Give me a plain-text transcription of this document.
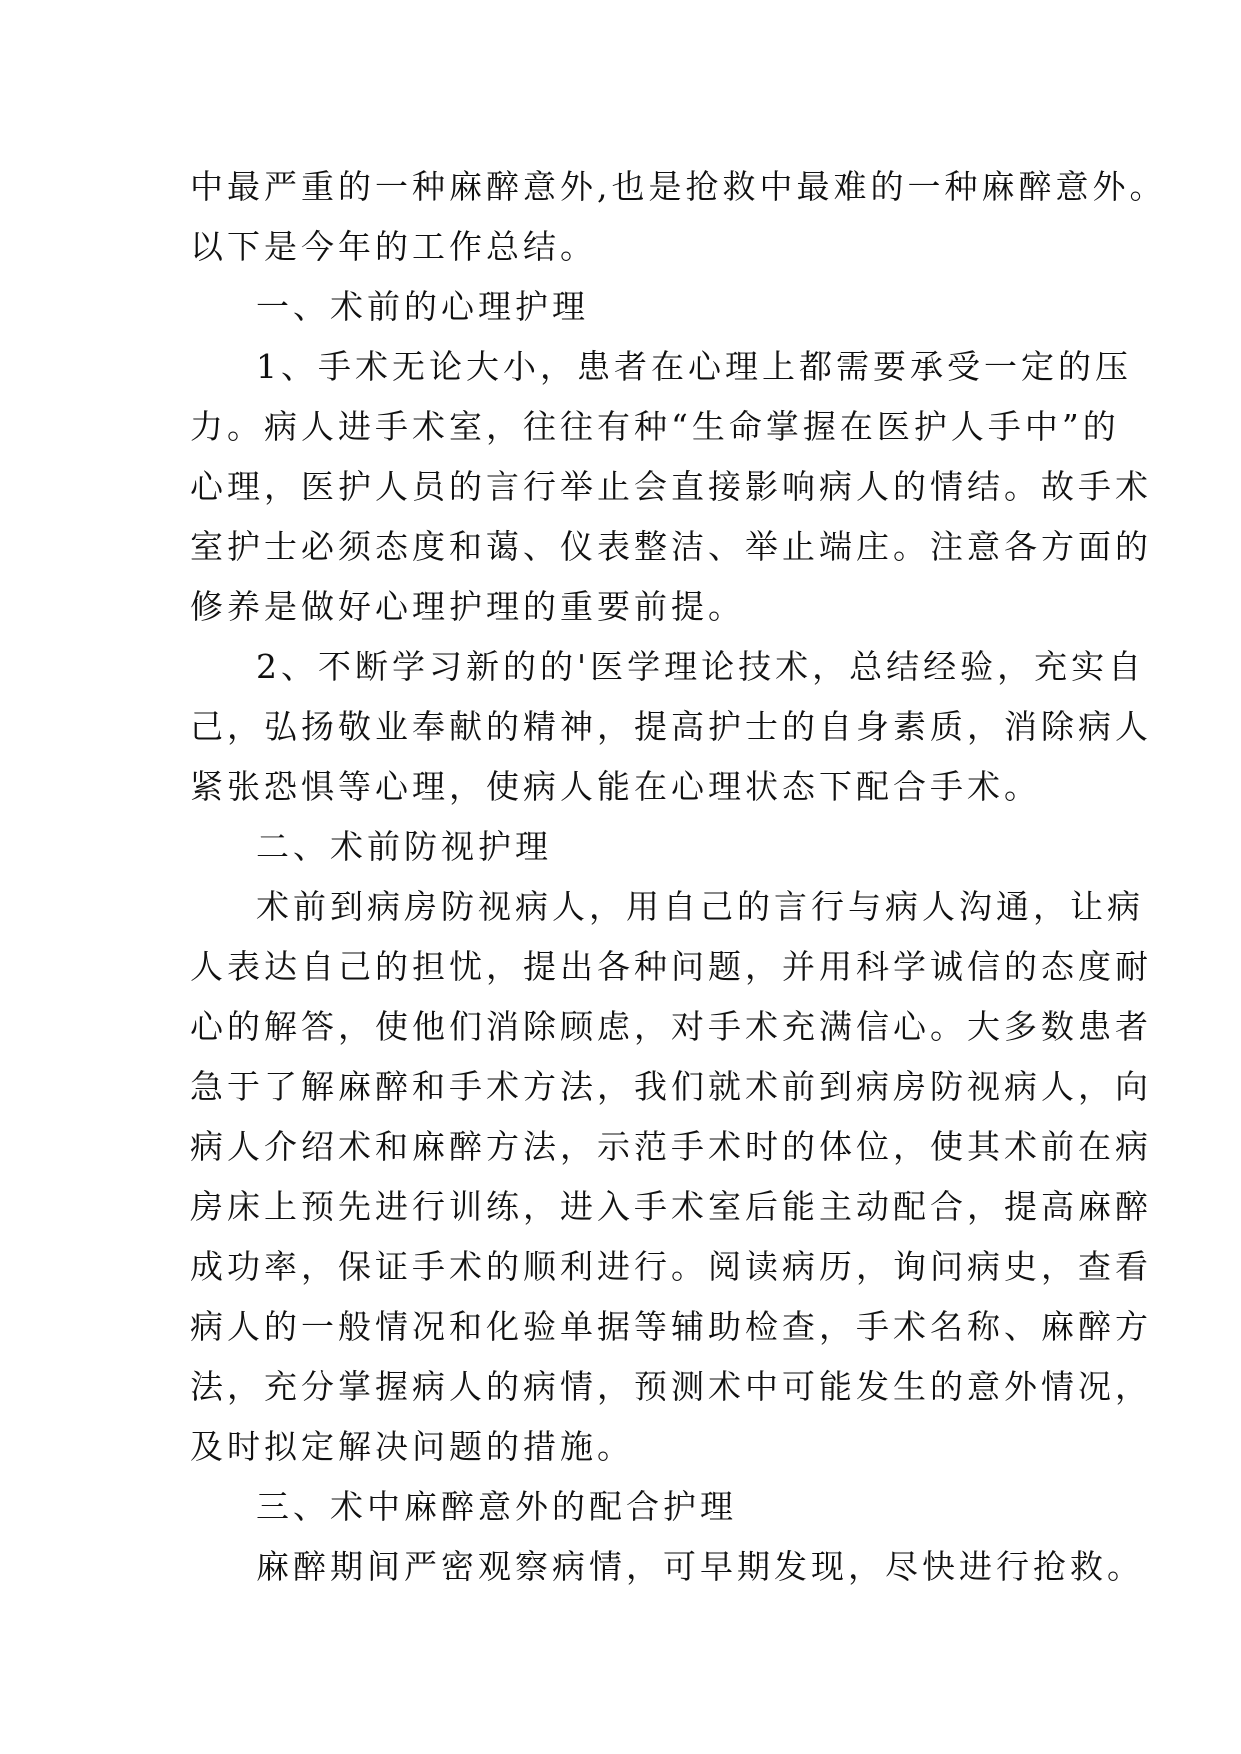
中最严重的一种麻醉意外,也是抢救中最难的一种麻醉意外。
以下是今年的工作总结。
一、术前的心理护理
1、手术无论大小，患者在心理上都需要承受一定的压
力。病人进手术室，往往有种“生命掌握在医护人手中”的
心理，医护人员的言行举止会直接影响病人的情结。故手术
室护士必须态度和蔼、仪表整洁、举止端庄。注意各方面的
修养是做好心理护理的重要前提。
2、不断学习新的的'医学理论技术，总结经验，充实自
己，弘扬敬业奉献的精神，提高护士的自身素质，消除病人
紧张恐惧等心理，使病人能在心理状态下配合手术。
二、术前防视护理
术前到病房防视病人，用自己的言行与病人沟通，让病
人表达自己的担忧，提出各种问题，并用科学诚信的态度耐
心的解答，使他们消除顾虑，对手术充满信心。大多数患者
急于了解麻醉和手术方法，我们就术前到病房防视病人，向
病人介绍术和麻醉方法，示范手术时的体位，使其术前在病
房床上预先进行训练，进入手术室后能主动配合，提高麻醉
成功率，保证手术的顺利进行。阅读病历，询问病史，查看
病人的一般情况和化验单据等辅助检查，手术名称、麻醉方
法，充分掌握病人的病情，预测术中可能发生的意外情况，
及时拟定解决问题的措施。
三、术中麻醉意外的配合护理
麻醉期间严密观察病情，可早期发现，尽快进行抢救。
